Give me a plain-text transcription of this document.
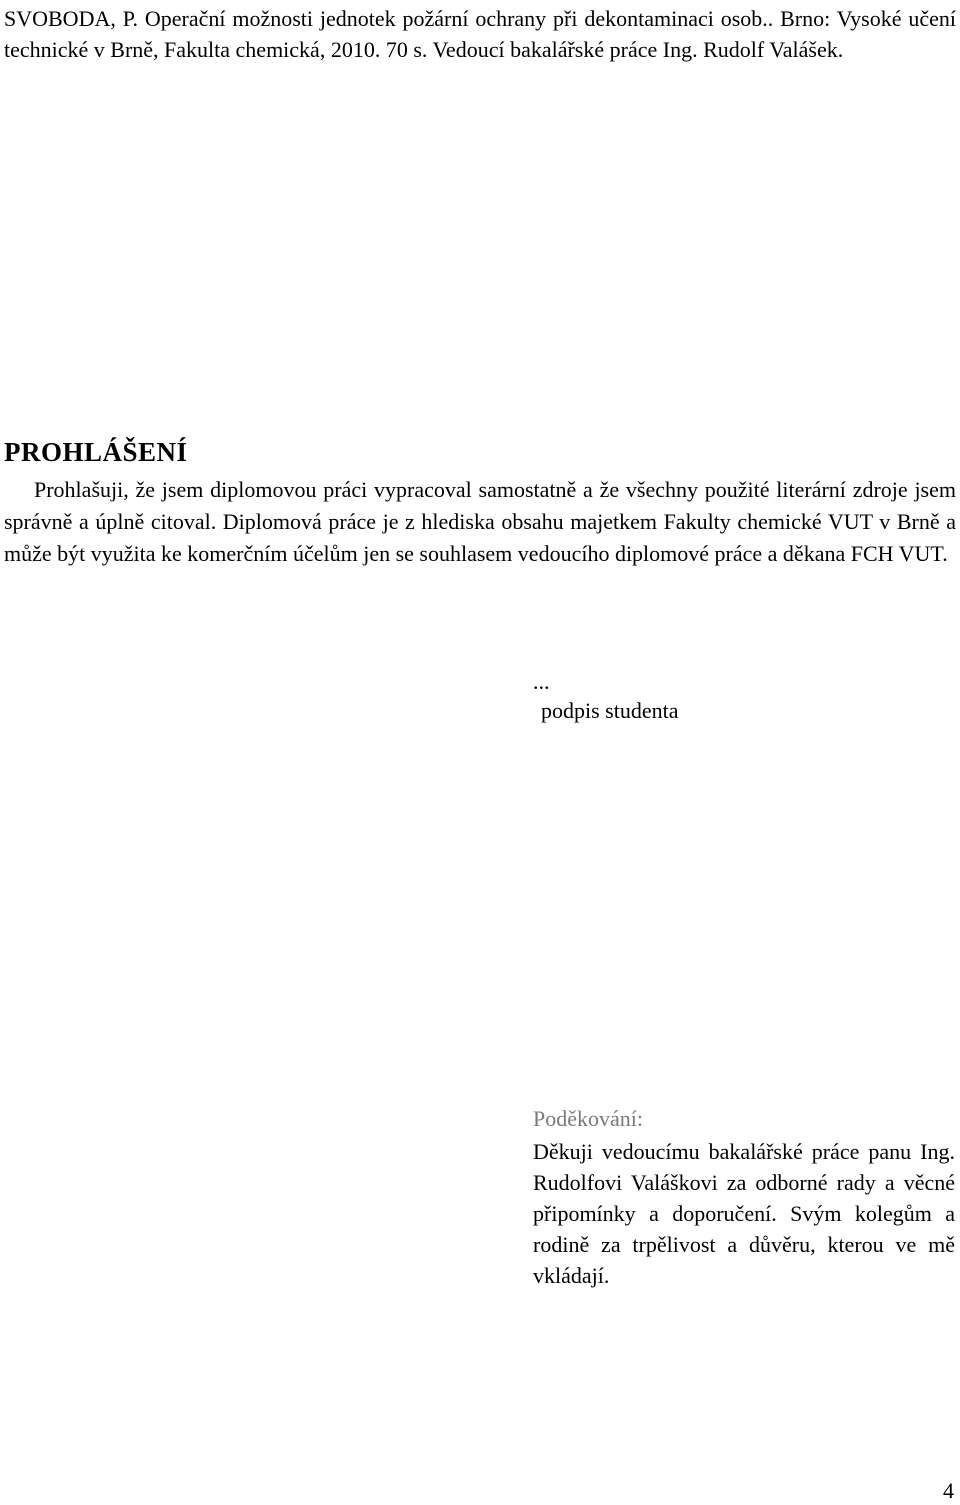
SVOBODA, P. Operační možnosti jednotek požární ochrany při dekontaminaci osob.. Brno: Vysoké učení technické v Brně, Fakulta chemická, 2010. 70 s. Vedoucí bakalářské práce Ing. Rudolf Valášek.

PROHLÁŠENÍ

Prohlašuji, že jsem diplomovou práci vypracoval samostatně a že všechny použité literární zdroje jsem správně a úplně citoval. Diplomová práce je z hlediska obsahu majetkem Fakulty chemické VUT v Brně a může být využita ke komerčním účelům jen se souhlasem vedoucího diplomové práce a děkana FCH VUT.

...

podpis studenta

Poděkování:

Děkuji vedoucímu bakalářské práce panu Ing. Rudolfovi Valáškovi za odborné rady a věcné připomínky a doporučení. Svým kolegům a rodině za trpělivost a důvěru, kterou ve mě vkládají.

4
